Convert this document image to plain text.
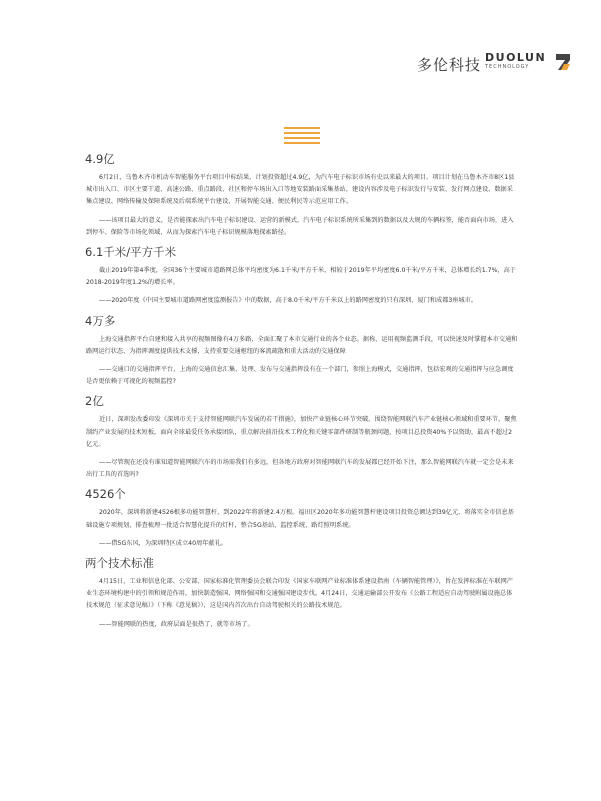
多伦科技 DUOLUN
TECHNOLOGY
4.9亿

6月2日，乌鲁木齐市机动车智能服务平台项目中标结果，计划投资超过4.9亿，为汽车电子标识市场有史以来最大的项目。项目计划在乌鲁木齐市8区1县城市出入口、市区主要干道、高速公路、重点路段、社区和停车场出入口等地安装路面采集基站，建设内容涉及电子标识发行与安装、发行网点建设、数据采集点建设、网络传输及保障系统及后端系统平台建设，开展智能交通、便民利民等示范应用工作。

——该项目最大的意义，是否能探索出汽车电子标识建设、运营的新模式，汽车电子标识系统所采集到的数据以及大规的车辆标签，能否面向市场，进入到停车、保险等市场化领域，从而为探索汽车电子标识规模落地探索路径。

6.1千米/平方千米

截止2019年第4季度，全国36个主要城市道路网总体平均密度为6.1千米/平方千米，相较于2019年平均密度6.0千米/平方千米，总体增长约1.7%，高于2018-2019年度1.2%的增长率。

——2020年度《中国主要城市道路网密度监测报告》中的数据，高于8.0千米/平方千米以上的路网密度的只有深圳、厦门和成都3座城市。

4万多

上海交通指挥平台自建和接入共享的视频图像有4万多路，全面汇聚了本市交通行业的各个业态。据称，运用视频监测手段，可以快速及时掌握本市交通和路网运行状态，为指挥调度提供技术支撑，支持重要交通枢纽的客流疏散和重大活动的交通保障

——交通口的交通指挥平台，上海的交通信息汇集、处理、发布与交通指挥没有在一个部门，参照上海模式，交通指挥，包括宏观的交通指挥与应急调度是否更依赖于可视化的视频监控?

2亿

近日，深圳发改委印发《深圳市关于支持智能网联汽车发展的若干措施》，加快产业链核心环节突破，围绕智能网联汽车产业链核心领域和重要环节，聚焦制约产业发展的技术短板，面向全球最爱任务承接团队，重点解决前沿技术工程化和关键零部件研制等瓶颈问题，按项目总投资40%予以资助，最高不超过2亿元。

——尽管现在还没有谁知道智能网联汽车的市场需我们有多远，但各地方政府对智能网联汽车的发展都已经开始下注，那么智能网联汽车就一定会是未来出行工具的首选吗?

4526个

2020年，深圳将新建4526根多功能智慧杆，到2022年将新建2.4万根。福田区2020年多功能智慧杆建设项目投资总额达到39亿元，将落实全市信息基础设施专项规划，排查梳理一批适合智慧化提升的灯杆，整合5G基站、监控系统、路灯照明系统。

——借5G东风，为深圳特区成立40周年献礼。

两个技术标准

4月15日，工业和信息化部、公安部、国家标准化管理委员会联合印发《国家车联网产业标准体系建设指南（车辆智能管理）》，旨在发挥标准在车联网产业生态环境构建中的引领和规范作用，加快制造强国、网络强国和交通强国建设步伐。4月24日，交通运输部公开发布《公路工程适应自动驾驶附属设施总体技术规范（征求意见稿）》（下称《意见稿》），这是国内首次出台自动驾驶相关的公路技术规范。

——智能网联的热度，政府层面是很热了，就等市场了。
